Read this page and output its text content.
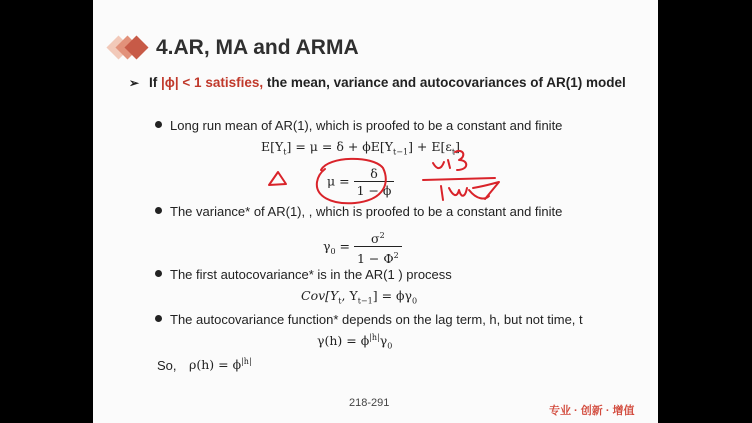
4.AR, MA and ARMA
➢ If |ϕ| < 1 satisfies, the mean, variance and autocovariances of AR(1) model
Long run mean of AR(1), which is proofed to be a constant and finite
$E[Y_t] = \mu = \delta + \phi E[Y_{t-1}] + E[\varepsilon_t]$
$\mu = \frac{\delta}{1 - \phi}$
The variance* of AR(1), , which is proofed to be a constant and finite
$\gamma_0 = \frac{\sigma^2}{1 - \Phi^2}$
The first autocovariance* is in the AR(1 ) process
$Cov[Y_t$, $Y_{t-1}] = \phi\gamma_0$
The autocovariance function* depends on the lag term, h, but not time, t
$\gamma(h) = \phi^{|h|}\gamma_0$
So, $\rho(h) = \phi^{|h|}$
218-291
专业 · 创新 · 增值
